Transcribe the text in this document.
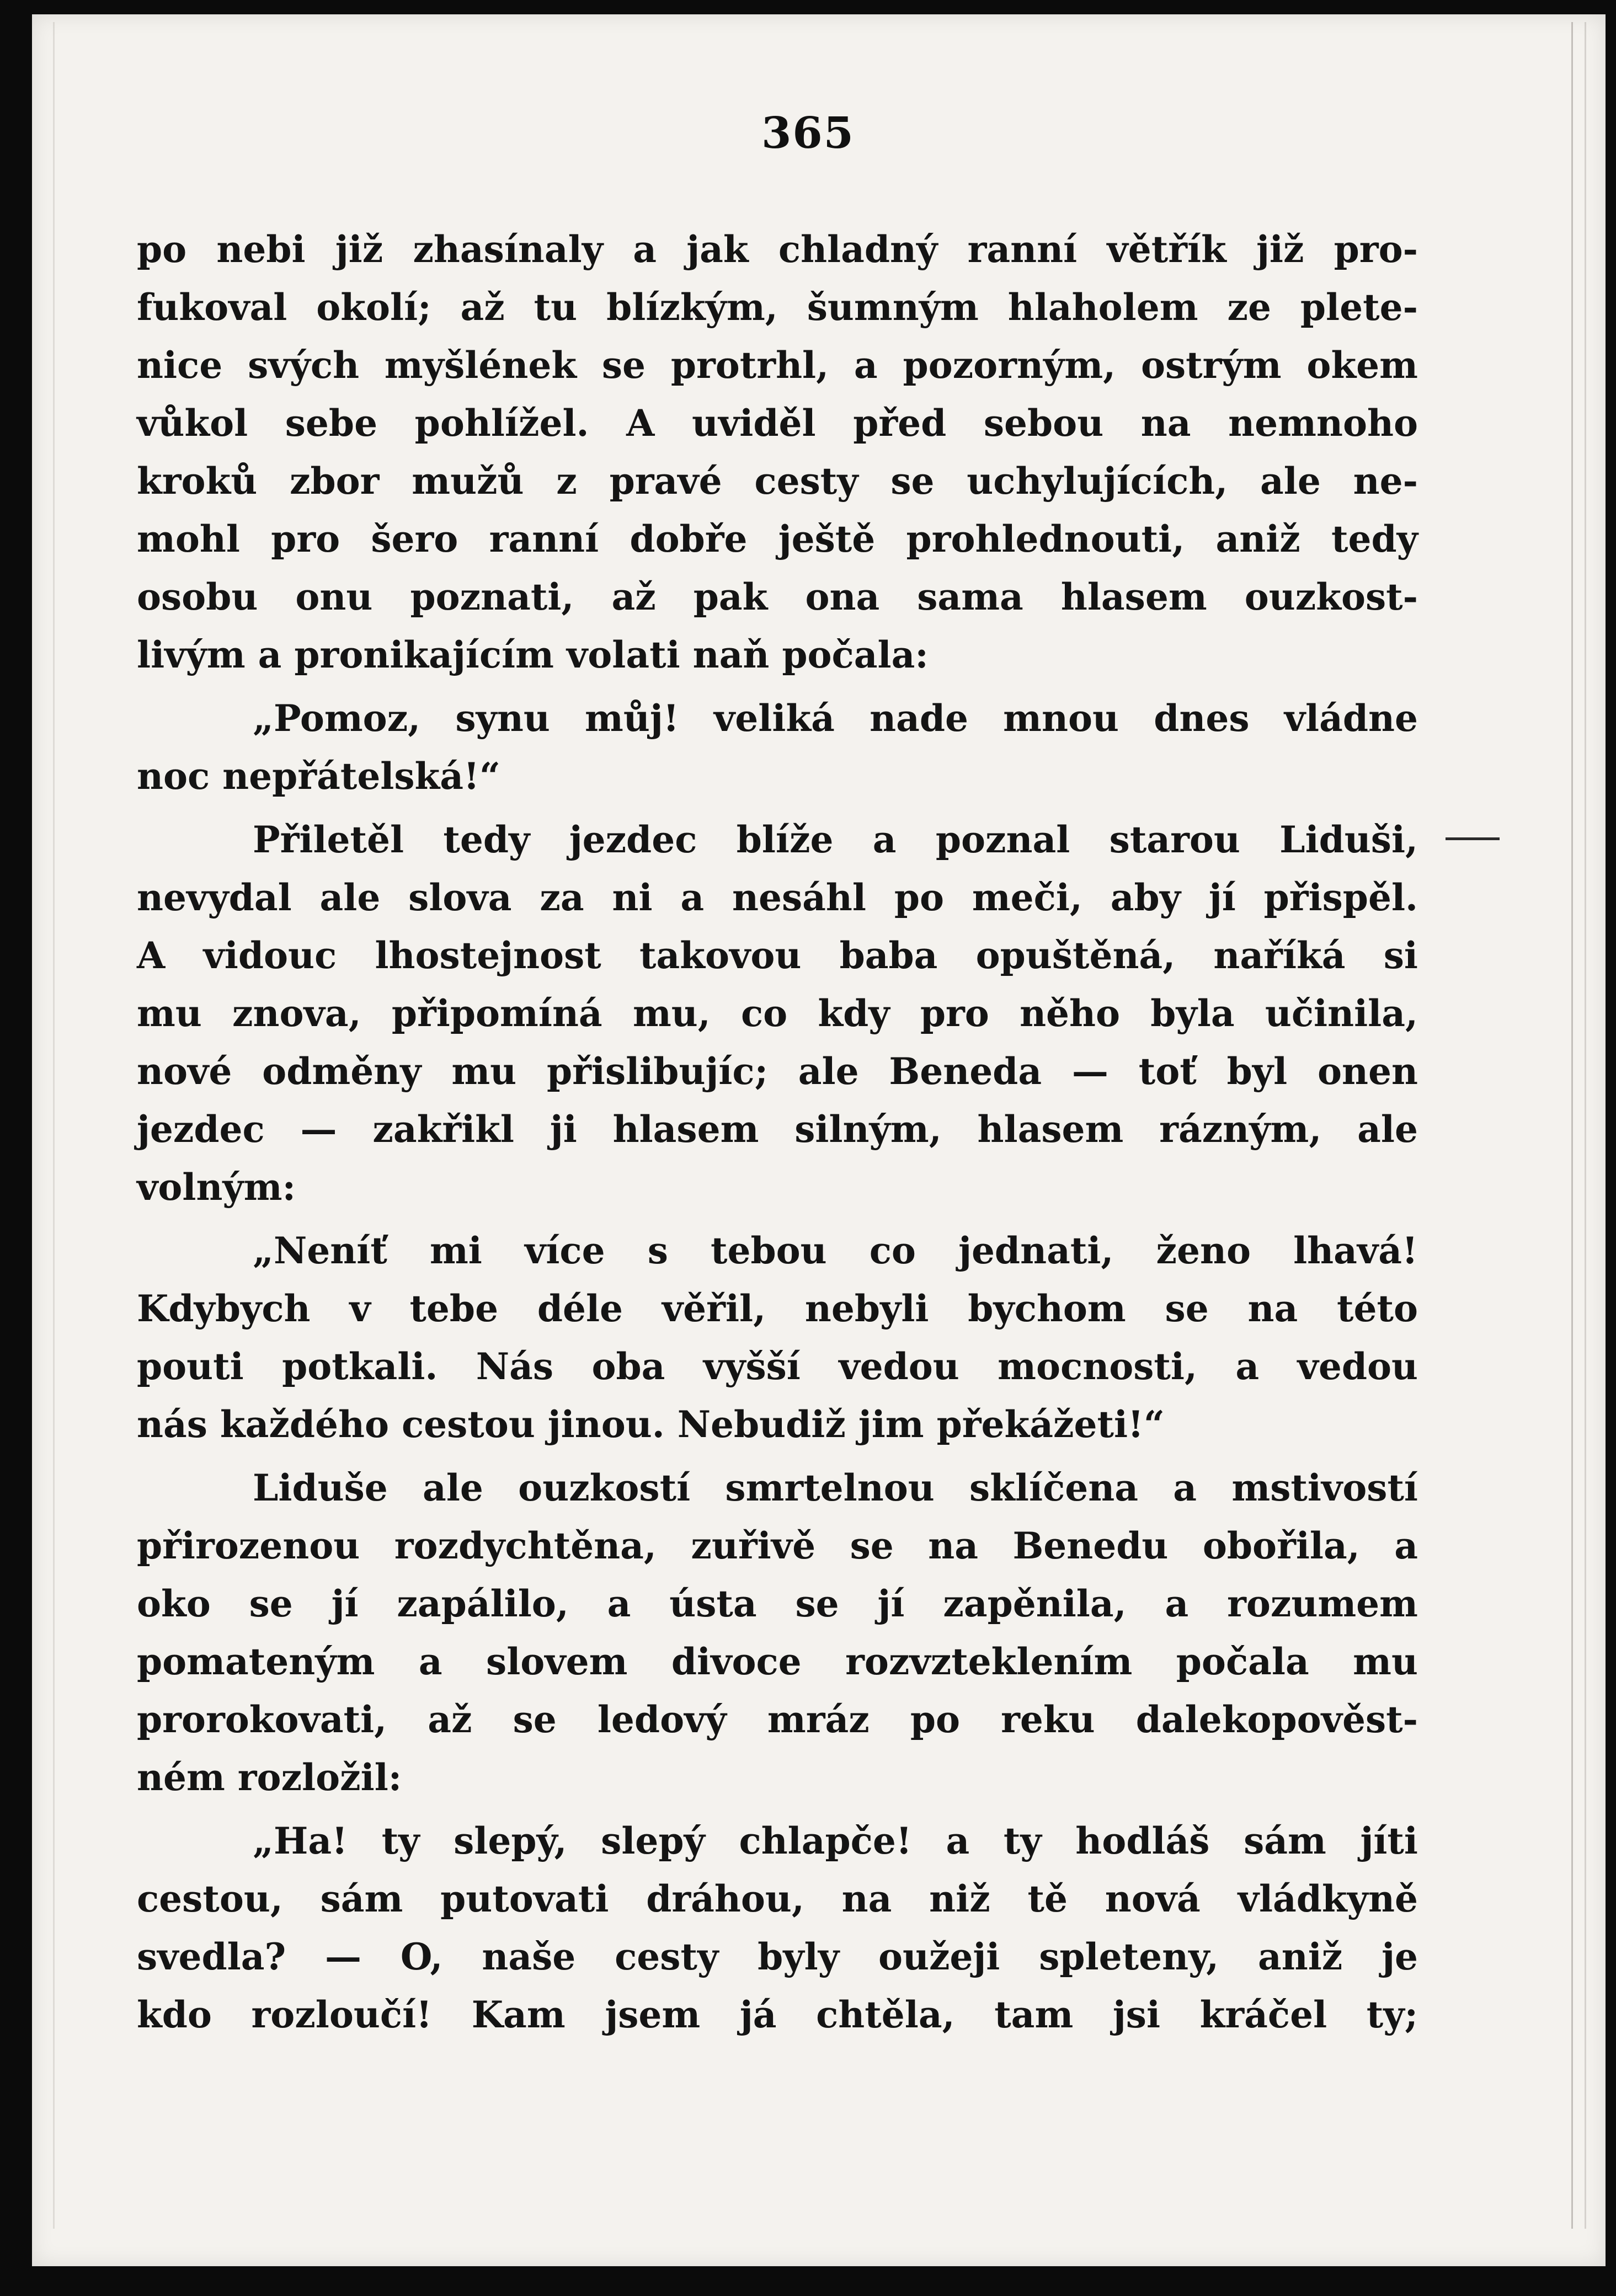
365
po nebi již zhasínaly a jak chladný ranní větřík již pro-
fukoval okolí; až tu blízkým, šumným hlaholem ze plete-
nice svých myšlének se protrhl, a pozorným, ostrým okem
vůkol sebe pohlížel. A uviděl před sebou na nemnoho
kroků zbor mužů z pravé cesty se uchylujících, ale ne-
mohl pro šero ranní dobře ještě prohlednouti, aniž tedy
osobu onu poznati, až pak ona sama hlasem ouzkost-
livým a pronikajícím volati naň počala:
„Pomoz, synu můj! veliká nade mnou dnes vládne
noc nepřátelská!“
Přiletěl tedy jezdec blíže a poznal starou Liduši,
nevydal ale slova za ni a nesáhl po meči, aby jí přispěl.
A vidouc lhostejnost takovou baba opuštěná, naříká si
mu znova, připomíná mu, co kdy pro něho byla učinila,
nové odměny mu přislibujíc; ale Beneda — toť byl onen
jezdec — zakřikl ji hlasem silným, hlasem rázným, ale
volným:
„Neníť mi více s tebou co jednati, ženo lhavá!
Kdybych v tebe déle věřil, nebyli bychom se na této
pouti potkali. Nás oba vyšší vedou mocnosti, a vedou
nás každého cestou jinou. Nebudiž jim překážeti!“
Liduše ale ouzkostí smrtelnou sklíčena a mstivostí
přirozenou rozdychtěna, zuřivě se na Benedu obořila, a
oko se jí zapálilo, a ústa se jí zapěnila, a rozumem
pomateným a slovem divoce rozvzteklením počala mu
prorokovati, až se ledový mráz po reku dalekopověst-
ném rozložil:
„Ha! ty slepý, slepý chlapče! a ty hodláš sám jíti
cestou, sám putovati dráhou, na niž tě nová vládkyně
svedla? — O, naše cesty byly oužeji spleteny, aniž je
kdo rozloučí! Kam jsem já chtěla, tam jsi kráčel ty;
